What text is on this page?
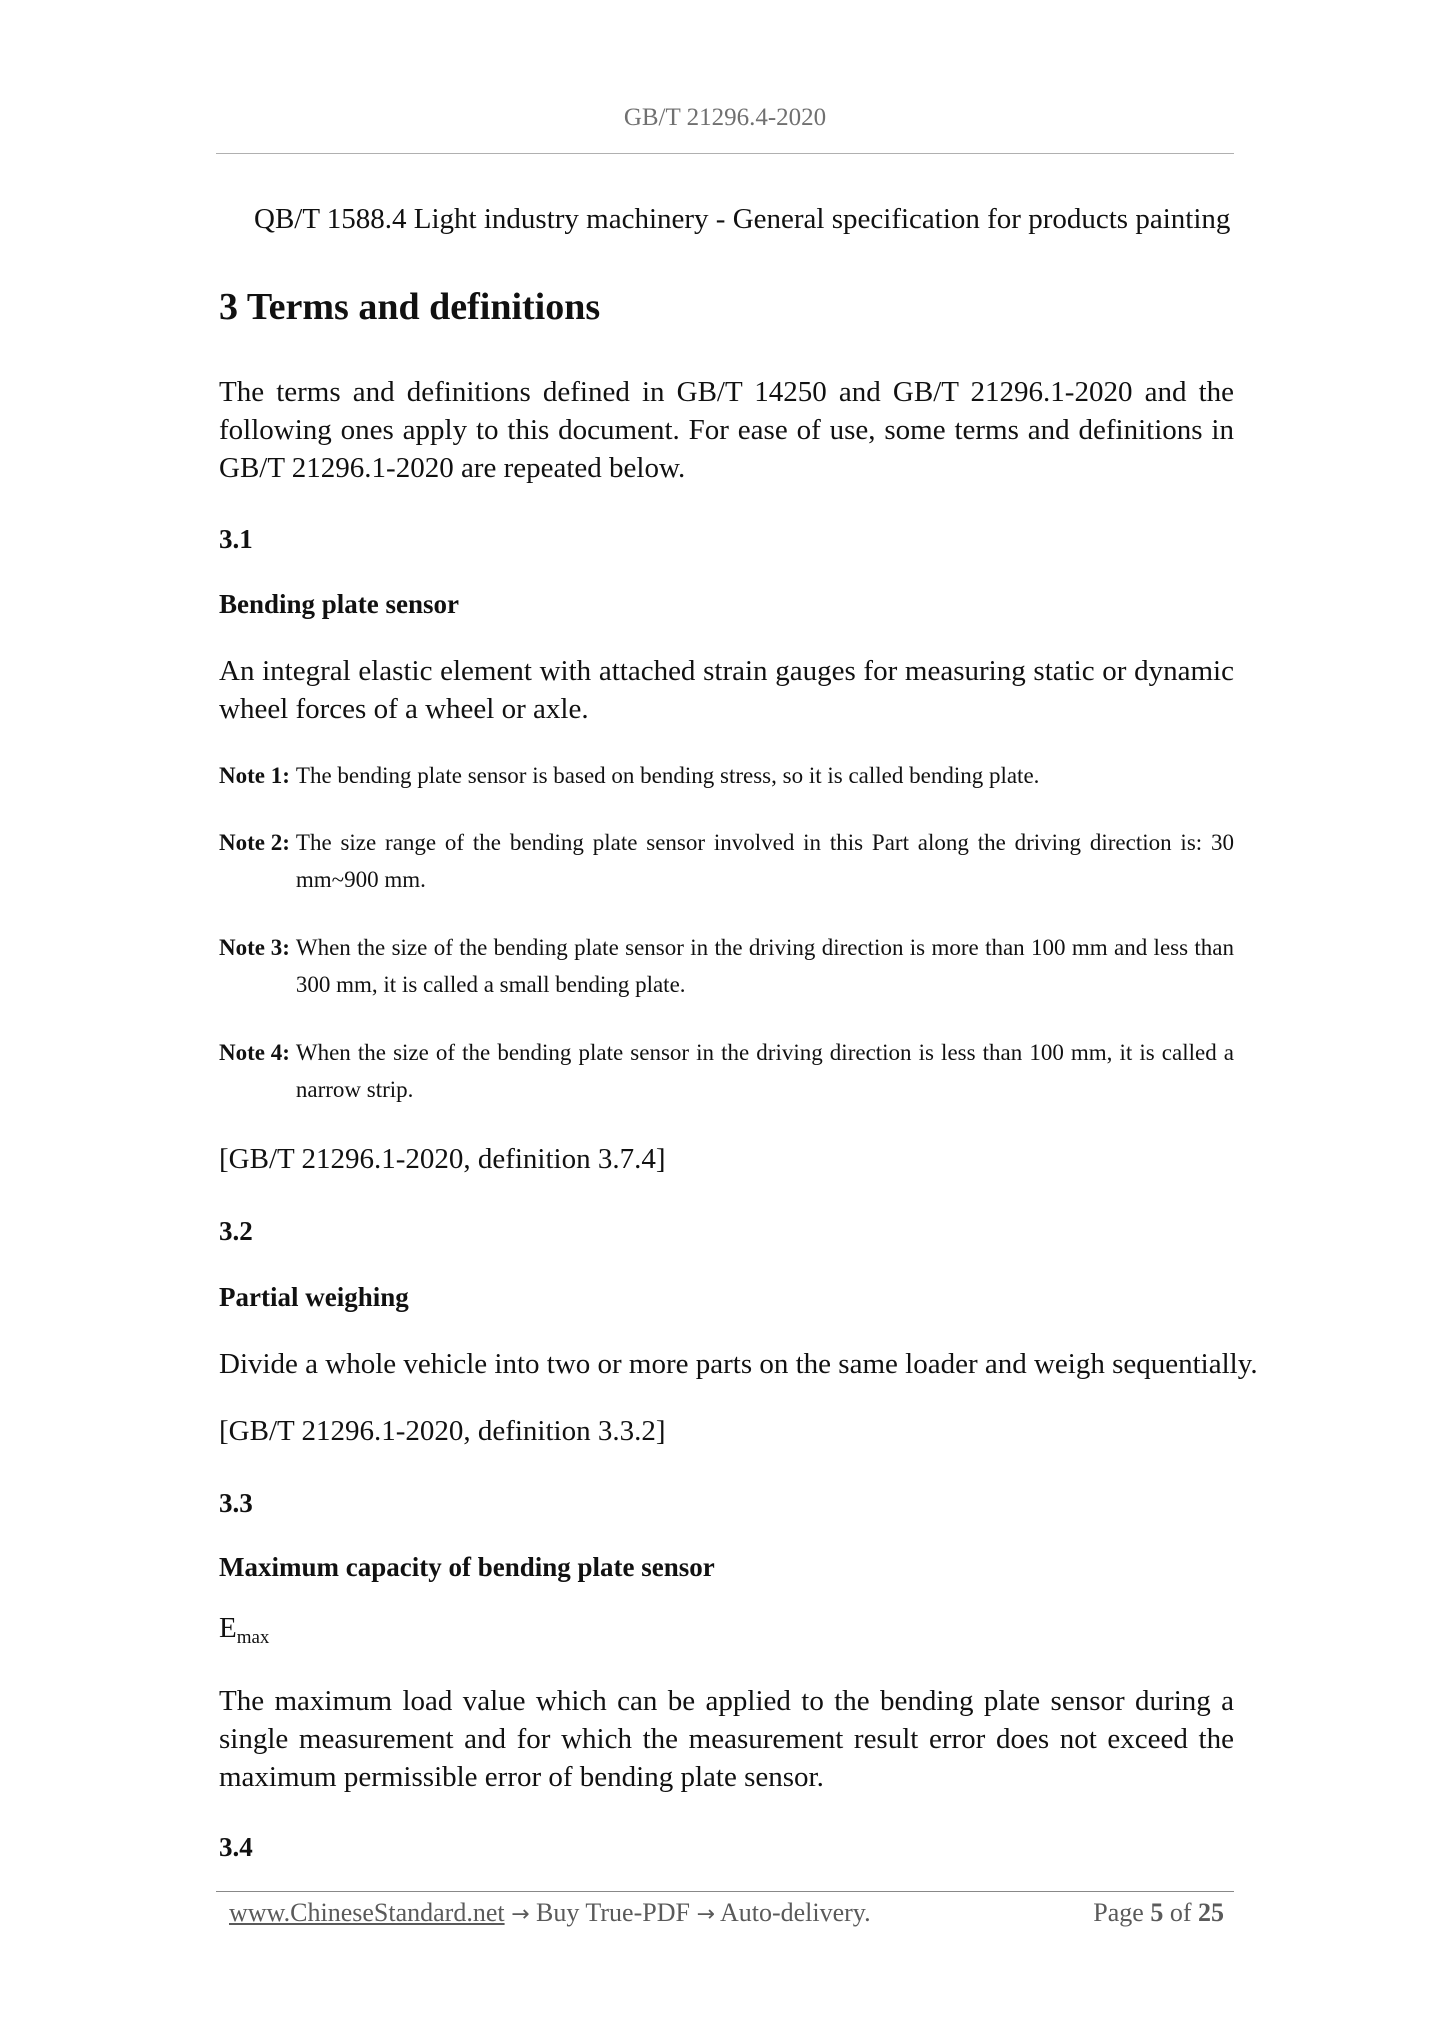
GB/T 21296.4-2020

QB/T 1588.4 Light industry machinery - General specification for products painting

3 Terms and definitions

The terms and definitions defined in GB/T 14250 and GB/T 21296.1-2020 and the following ones apply to this document. For ease of use, some terms and definitions in GB/T 21296.1-2020 are repeated below.

3.1
Bending plate sensor

An integral elastic element with attached strain gauges for measuring static or dynamic wheel forces of a wheel or axle.

Note 1: The bending plate sensor is based on bending stress, so it is called bending plate.
Note 2: The size range of the bending plate sensor involved in this Part along the driving direction is: 30 mm~900 mm.
Note 3: When the size of the bending plate sensor in the driving direction is more than 100 mm and less than 300 mm, it is called a small bending plate.
Note 4: When the size of the bending plate sensor in the driving direction is less than 100 mm, it is called a narrow strip.

[GB/T 21296.1-2020, definition 3.7.4]

3.2
Partial weighing

Divide a whole vehicle into two or more parts on the same loader and weigh sequentially.

[GB/T 21296.1-2020, definition 3.3.2]

3.3
Maximum capacity of bending plate sensor
Emax

The maximum load value which can be applied to the bending plate sensor during a single measurement and for which the measurement result error does not exceed the maximum permissible error of bending plate sensor.

3.4
www.ChineseStandard.net → Buy True-PDF → Auto-delivery.	Page 5 of 25
